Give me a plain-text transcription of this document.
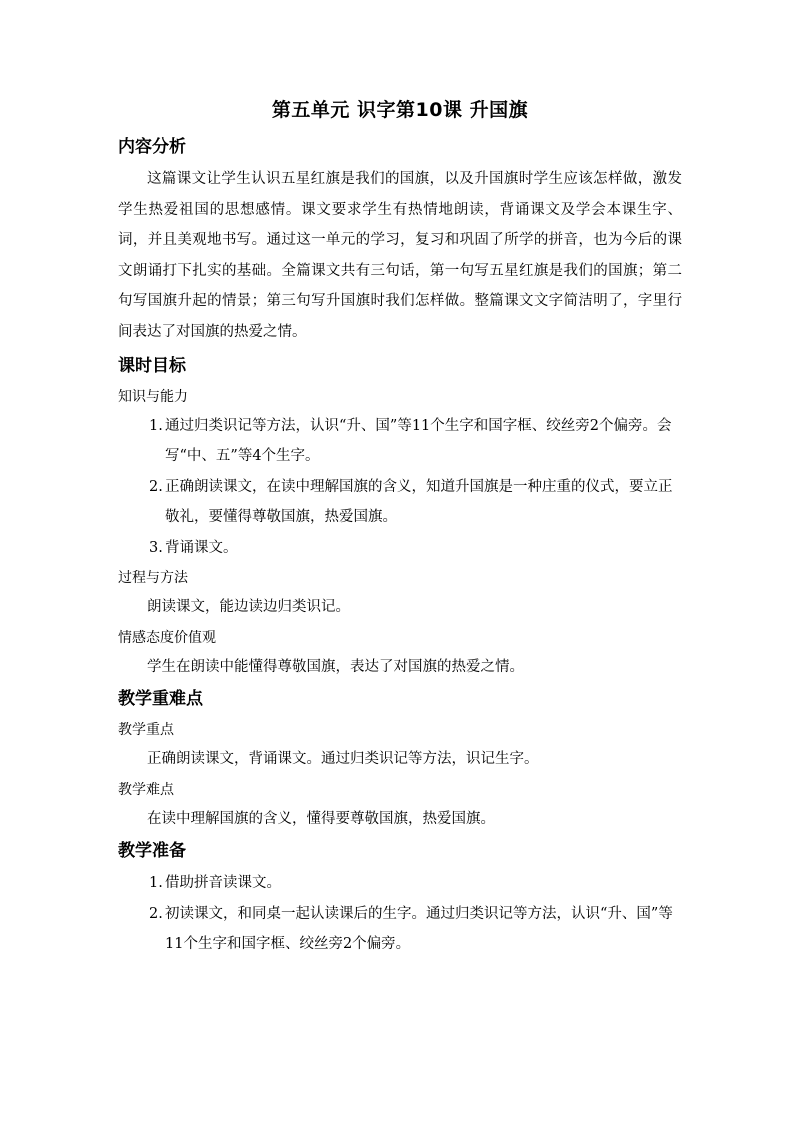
第五单元 识字第10课 升国旗
内容分析
这篇课文让学生认识五星红旗是我们的国旗，以及升国旗时学生应该怎样做，激发学生热爱祖国的思想感情。课文要求学生有热情地朗读，背诵课文及学会本课生字、词，并且美观地书写。通过这一单元的学习，复习和巩固了所学的拼音，也为今后的课文朗诵打下扎实的基础。全篇课文共有三句话，第一句写五星红旗是我们的国旗；第二句写国旗升起的情景；第三句写升国旗时我们怎样做。整篇课文文字简洁明了，字里行间表达了对国旗的热爱之情。
课时目标
知识与能力
1. 通过归类识记等方法，认识“升、国”等11个生字和国字框、绞丝旁2个偏旁。会写“中、五”等4个生字。
2. 正确朗读课文，在读中理解国旗的含义，知道升国旗是一种庄重的仪式，要立正敬礼，要懂得尊敬国旗，热爱国旗。
3. 背诵课文。
过程与方法
朗读课文，能边读边归类识记。
情感态度价值观
学生在朗读中能懂得尊敬国旗，表达了对国旗的热爱之情。
教学重难点
教学重点
正确朗读课文，背诵课文。通过归类识记等方法，识记生字。
教学难点
在读中理解国旗的含义，懂得要尊敬国旗，热爱国旗。
教学准备
1. 借助拼音读课文。
2. 初读课文，和同桌一起认读课后的生字。通过归类识记等方法，认识“升、国”等11个生字和国字框、绞丝旁2个偏旁。
